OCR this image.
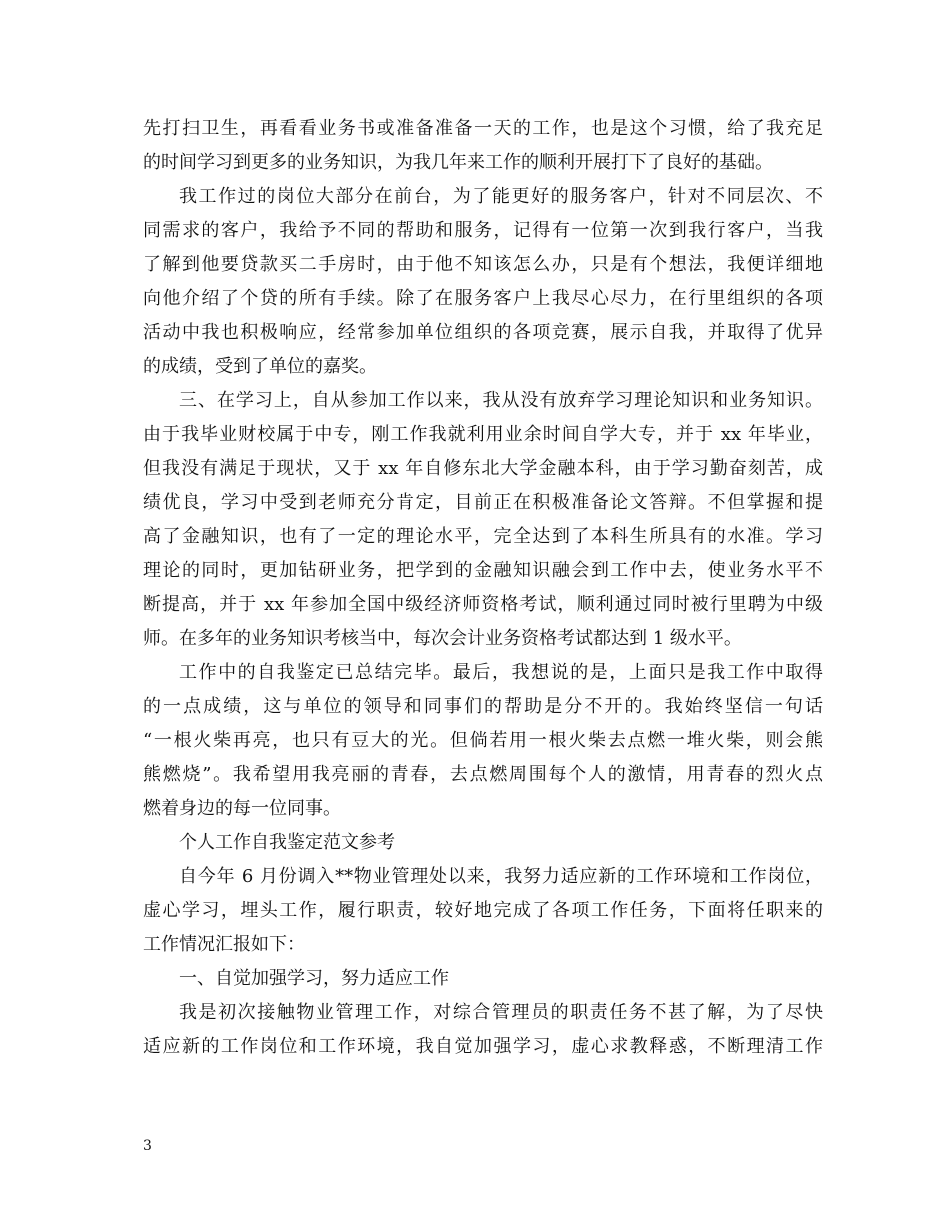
先打扫卫生，再看看业务书或准备准备一天的工作，也是这个习惯，给了我充足
的时间学习到更多的业务知识，为我几年来工作的顺利开展打下了良好的基础。

我工作过的岗位大部分在前台，为了能更好的服务客户，针对不同层次、不
同需求的客户，我给予不同的帮助和服务，记得有一位第一次到我行客户，当我
了解到他要贷款买二手房时，由于他不知该怎么办，只是有个想法，我便详细地
向他介绍了个贷的所有手续。除了在服务客户上我尽心尽力，在行里组织的各项
活动中我也积极响应，经常参加单位组织的各项竞赛，展示自我，并取得了优异
的成绩，受到了单位的嘉奖。

三、在学习上，自从参加工作以来，我从没有放弃学习理论知识和业务知识。
由于我毕业财校属于中专，刚工作我就利用业余时间自学大专，并于 xx 年毕业，
但我没有满足于现状，又于 xx 年自修东北大学金融本科，由于学习勤奋刻苦，成
绩优良，学习中受到老师充分肯定，目前正在积极准备论文答辩。不但掌握和提
高了金融知识，也有了一定的理论水平，完全达到了本科生所具有的水准。学习
理论的同时，更加钻研业务，把学到的金融知识融会到工作中去，使业务水平不
断提高，并于 xx 年参加全国中级经济师资格考试，顺利通过同时被行里聘为中级
师。在多年的业务知识考核当中，每次会计业务资格考试都达到 1 级水平。

工作中的自我鉴定已总结完毕。最后，我想说的是，上面只是我工作中取得
的一点成绩，这与单位的领导和同事们的帮助是分不开的。我始终坚信一句话
“一根火柴再亮，也只有豆大的光。但倘若用一根火柴去点燃一堆火柴，则会熊
熊燃烧”。我希望用我亮丽的青春，去点燃周围每个人的激情，用青春的烈火点
燃着身边的每一位同事。

个人工作自我鉴定范文参考

自今年 6 月份调入**物业管理处以来，我努力适应新的工作环境和工作岗位，
虚心学习，埋头工作，履行职责，较好地完成了各项工作任务，下面将任职来的
工作情况汇报如下：

一、自觉加强学习，努力适应工作

我是初次接触物业管理工作，对综合管理员的职责任务不甚了解，为了尽快
适应新的工作岗位和工作环境，我自觉加强学习，虚心求教释惑，不断理清工作

3
